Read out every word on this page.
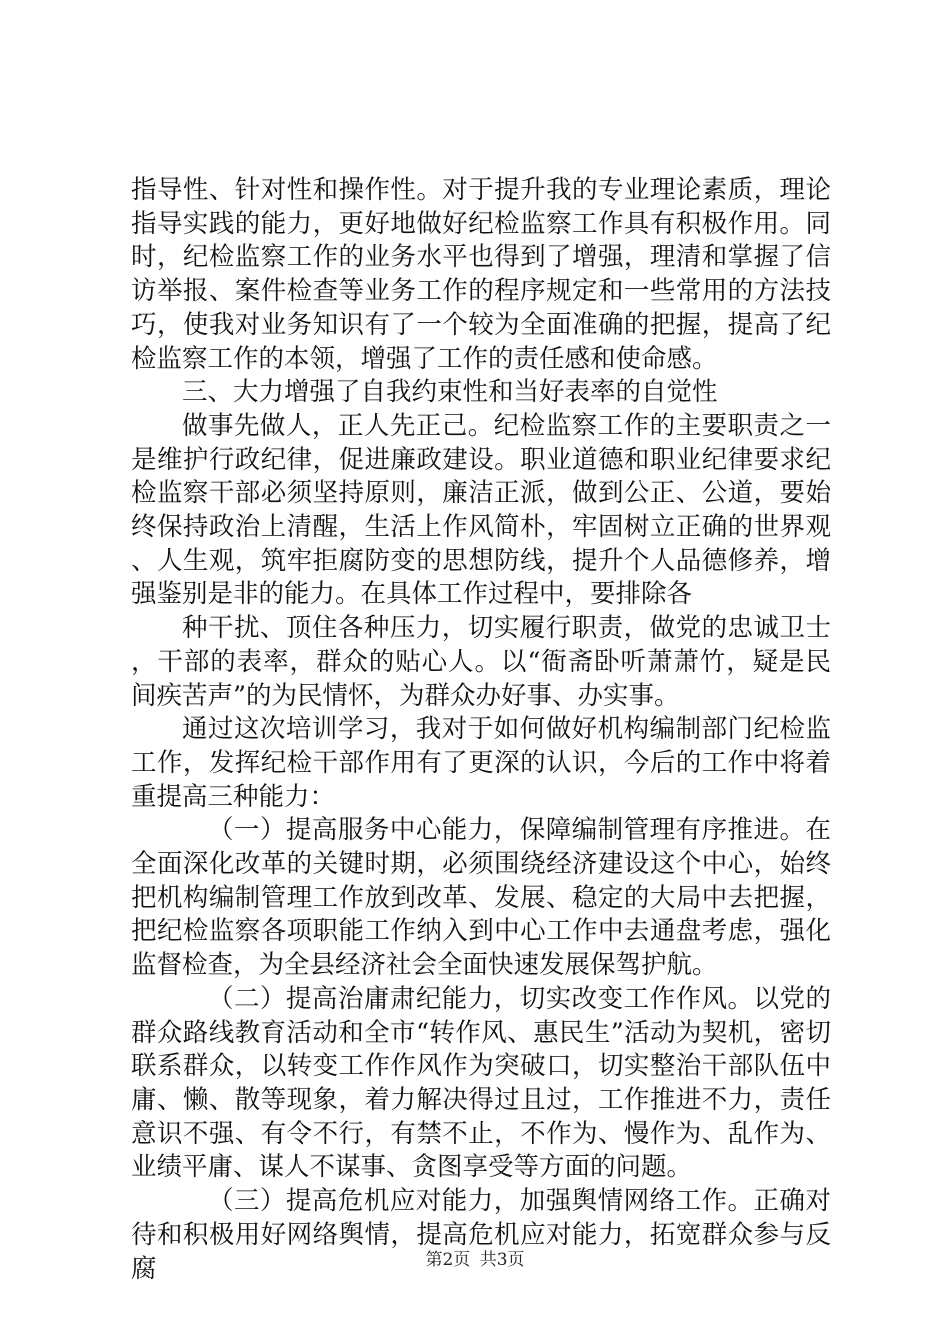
指导性、针对性和操作性。对于提升我的专业理论素质，理论指导实践的能力，更好地做好纪检监察工作具有积极作用。同时，纪检监察工作的业务水平也得到了增强，理清和掌握了信访举报、案件检查等业务工作的程序规定和一些常用的方法技巧，使我对业务知识有了一个较为全面准确的把握，提高了纪检监察工作的本领，增强了工作的责任感和使命感。

三、大力增强了自我约束性和当好表率的自觉性

做事先做人，正人先正己。纪检监察工作的主要职责之一是维护行政纪律，促进廉政建设。职业道德和职业纪律要求纪检监察干部必须坚持原则，廉洁正派，做到公正、公道，要始终保持政治上清醒，生活上作风简朴，牢固树立正确的世界观、人生观，筑牢拒腐防变的思想防线，提升个人品德修养，增强鉴别是非的能力。在具体工作过程中，要排除各

种干扰、顶住各种压力，切实履行职责，做党的忠诚卫士，干部的表率，群众的贴心人。以“衙斋卧听萧萧竹，疑是民间疾苦声”的为民情怀，为群众办好事、办实事。

通过这次培训学习，我对于如何做好机构编制部门纪检监工作，发挥纪检干部作用有了更深的认识，今后的工作中将着重提高三种能力：

（一）提高服务中心能力，保障编制管理有序推进。在全面深化改革的关键时期，必须围绕经济建设这个中心，始终把机构编制管理工作放到改革、发展、稳定的大局中去把握，把纪检监察各项职能工作纳入到中心工作中去通盘考虑，强化监督检查，为全县经济社会全面快速发展保驾护航。

（二）提高治庸肃纪能力，切实改变工作作风。以党的群众路线教育活动和全市“转作风、惠民生”活动为契机，密切联系群众，以转变工作作风作为突破口，切实整治干部队伍中庸、懒、散等现象，着力解决得过且过，工作推进不力，责任意识不强、有令不行，有禁不止，不作为、慢作为、乱作为、业绩平庸、谋人不谋事、贪图享受等方面的问题。

（三）提高危机应对能力，加强舆情网络工作。正确对待和积极用好网络舆情，提高危机应对能力，拓宽群众参与反腐	第2页 共3页
